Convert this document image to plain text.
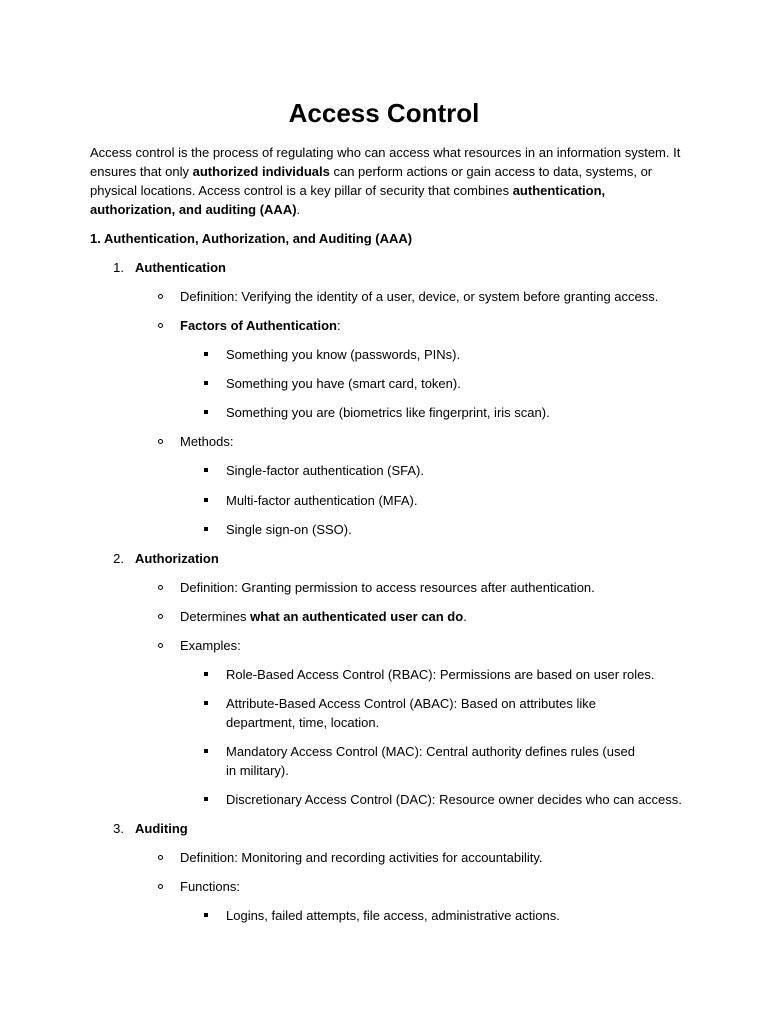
Access Control

Access control is the process of regulating who can access what resources in an information system. It ensures that only authorized individuals can perform actions or gain access to data, systems, or physical locations. Access control is a key pillar of security that combines authentication, authorization, and auditing (AAA).

1. Authentication, Authorization, and Auditing (AAA)

1. Authentication

Definition: Verifying the identity of a user, device, or system before granting access.

Factors of Authentication:

Something you know (passwords, PINs).

Something you have (smart card, token).

Something you are (biometrics like fingerprint, iris scan).

Methods:

Single-factor authentication (SFA).

Multi-factor authentication (MFA).

Single sign-on (SSO).

2. Authorization

Definition: Granting permission to access resources after authentication.

Determines what an authenticated user can do.

Examples:

Role-Based Access Control (RBAC): Permissions are based on user roles.

Attribute-Based Access Control (ABAC): Based on attributes like department, time, location.

Mandatory Access Control (MAC): Central authority defines rules (used in military).

Discretionary Access Control (DAC): Resource owner decides who can access.

3. Auditing

Definition: Monitoring and recording activities for accountability.

Functions:

Logins, failed attempts, file access, administrative actions.
